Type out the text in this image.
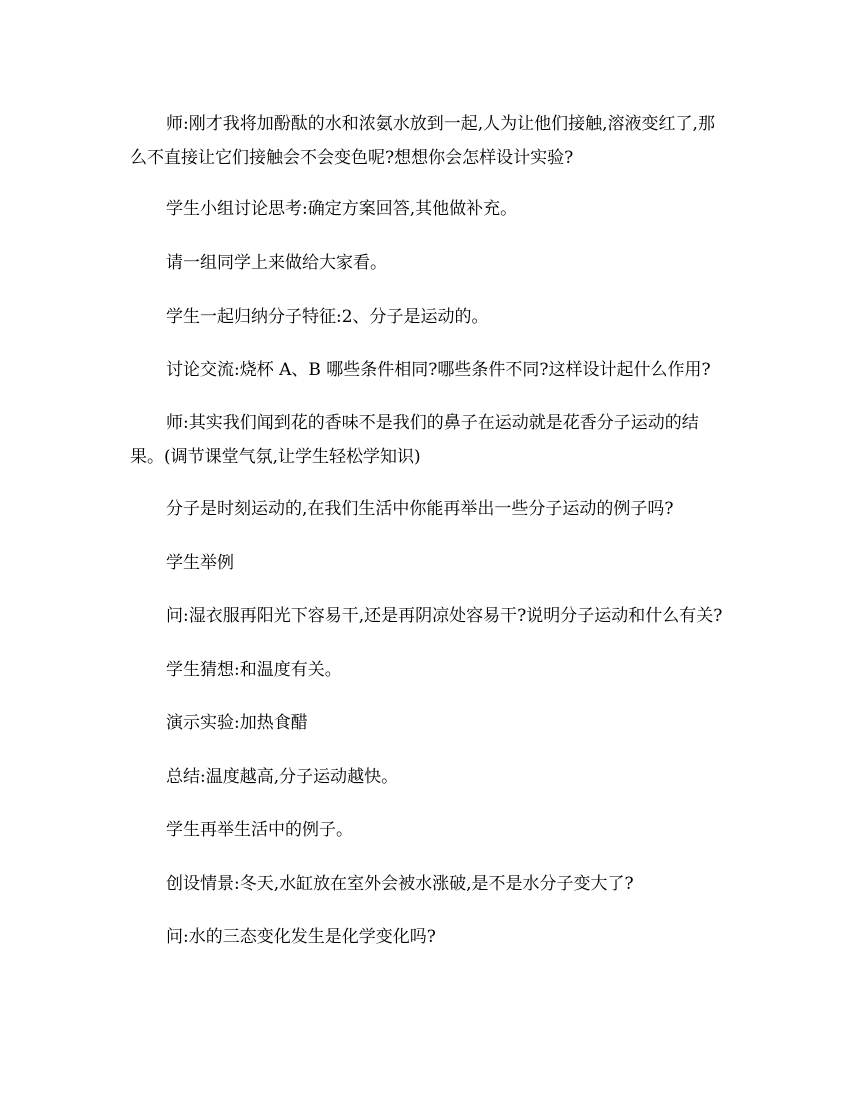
师:刚才我将加酚酞的水和浓氨水放到一起,人为让他们接触,溶液变红了,那么不直接让它们接触会不会变色呢?想想你会怎样设计实验?

学生小组讨论思考:确定方案回答,其他做补充。

请一组同学上来做给大家看。

学生一起归纳分子特征:2、分子是运动的。

讨论交流:烧杯 A、B 哪些条件相同?哪些条件不同?这样设计起什么作用?

师:其实我们闻到花的香味不是我们的鼻子在运动就是花香分子运动的结果。(调节课堂气氛,让学生轻松学知识)

分子是时刻运动的,在我们生活中你能再举出一些分子运动的例子吗?

学生举例

问:湿衣服再阳光下容易干,还是再阴凉处容易干?说明分子运动和什么有关?

学生猜想:和温度有关。

演示实验:加热食醋

总结:温度越高,分子运动越快。

学生再举生活中的例子。

创设情景:冬天,水缸放在室外会被水涨破,是不是水分子变大了?

问:水的三态变化发生是化学变化吗?
